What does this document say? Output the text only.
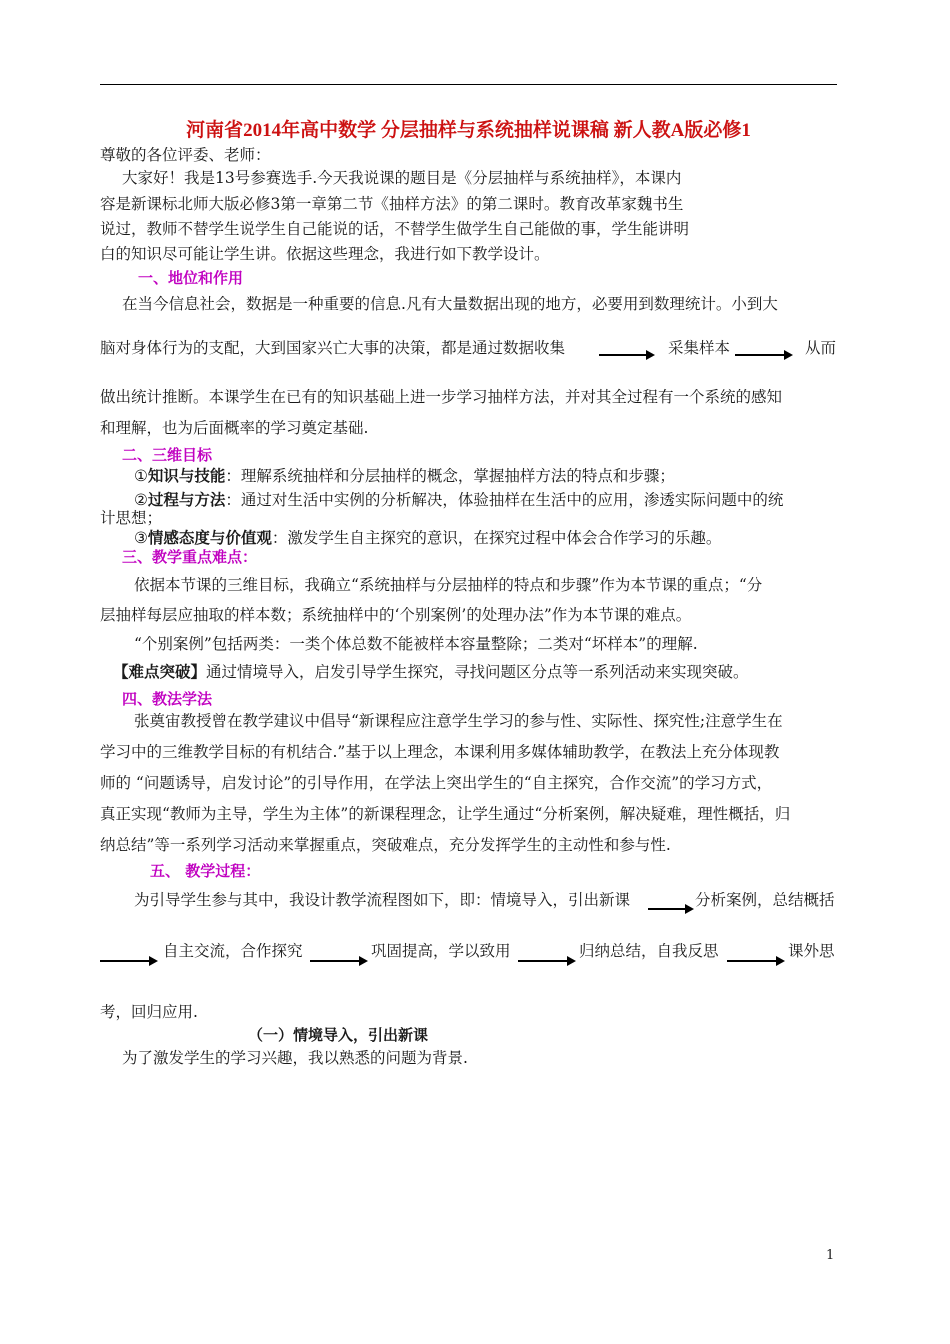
河南省2014年高中数学 分层抽样与系统抽样说课稿 新人教A版必修1
尊敬的各位评委、老师：
大家好！我是13号参赛选手.今天我说课的题目是《分层抽样与系统抽样》，本课内
容是新课标北师大版必修3第一章第二节《抽样方法》的第二课时。教育改革家魏书生
说过，教师不替学生说学生自己能说的话，不替学生做学生自己能做的事，学生能讲明
白的知识尽可能让学生讲。依据这些理念，我进行如下教学设计。
一、地位和作用
在当今信息社会，数据是一种重要的信息.凡有大量数据出现的地方，必要用到数理统计。小到大
脑对身体行为的支配，大到国家兴亡大事的决策，都是通过数据收集	采集样本	从而
做出统计推断。本课学生在已有的知识基础上进一步学习抽样方法，并对其全过程有一个系统的感知
和理解，也为后面概率的学习奠定基础.
二、三维目标
①知识与技能：理解系统抽样和分层抽样的概念，掌握抽样方法的特点和步骤；
②过程与方法：通过对生活中实例的分析解决，体验抽样在生活中的应用，渗透实际问题中的统
计思想；
③情感态度与价值观：激发学生自主探究的意识，在探究过程中体会合作学习的乐趣。
三、教学重点难点：
依据本节课的三维目标，我确立“系统抽样与分层抽样的特点和步骤”作为本节课的重点；“分
层抽样每层应抽取的样本数；系统抽样中的‘个别案例’的处理办法”作为本节课的难点。
“个别案例”包括两类：一类个体总数不能被样本容量整除；二类对“坏样本”的理解.
【难点突破】通过情境导入，启发引导学生探究，寻找问题区分点等一系列活动来实现突破。
四、教法学法
张奠宙教授曾在教学建议中倡导“新课程应注意学生学习的参与性、实际性、探究性;注意学生在
学习中的三维教学目标的有机结合.”基于以上理念，本课利用多媒体辅助教学，在教法上充分体现教
师的 “问题诱导，启发讨论”的引导作用，在学法上突出学生的“自主探究，合作交流”的学习方式，
真正实现“教师为主导，学生为主体”的新课程理念，让学生通过“分析案例，解决疑难，理性概括，归
纳总结”等一系列学习活动来掌握重点，突破难点，充分发挥学生的主动性和参与性.
五、 教学过程：
为引导学生参与其中，我设计教学流程图如下，即：情境导入，引出新课	分析案例，总结概括
自主交流，合作探究	巩固提高，学以致用	归纳总结，自我反思	课外思
考，回归应用.
（一）情境导入，引出新课
为了激发学生的学习兴趣，我以熟悉的问题为背景.
1
